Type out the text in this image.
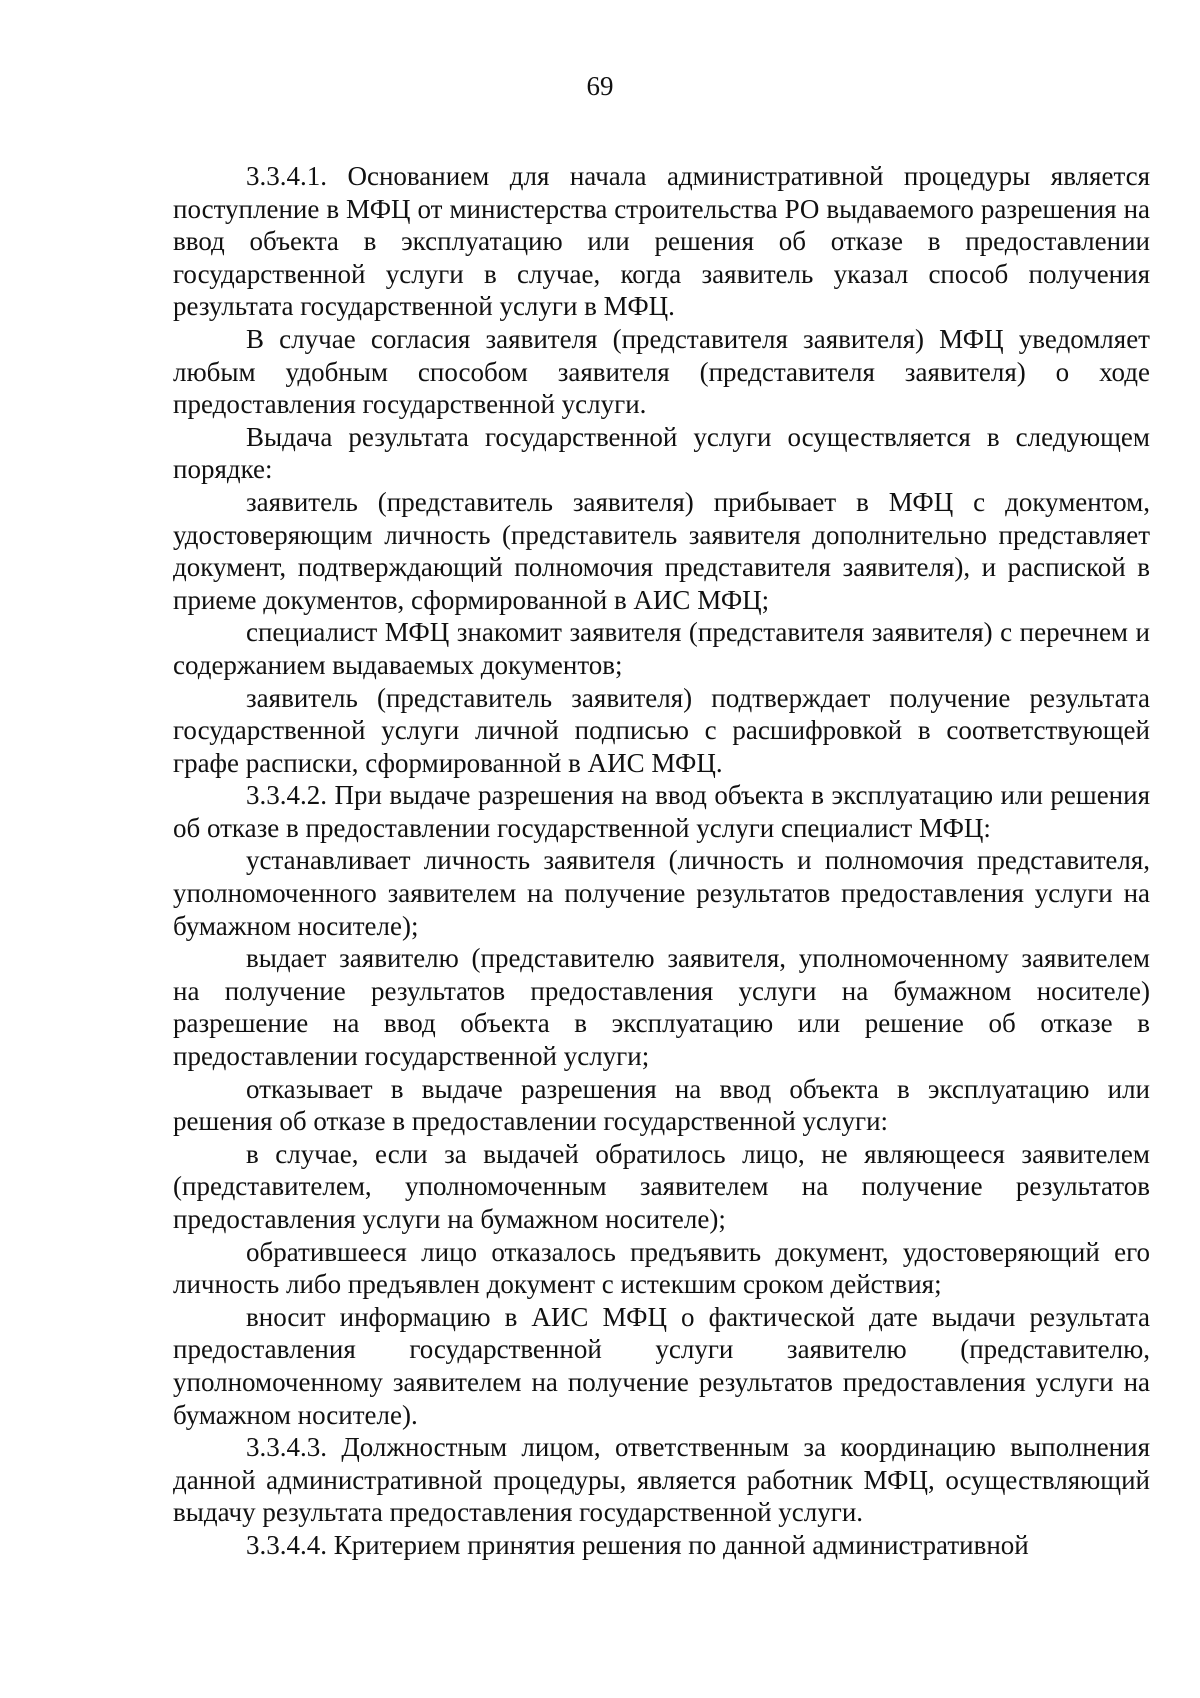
69

3.3.4.1. Основанием для начала административной процедуры является поступление в МФЦ от министерства строительства РО выдаваемого разрешения на ввод объекта в эксплуатацию или решения об отказе в предоставлении государственной услуги в случае, когда заявитель указал способ получения результата государственной услуги в МФЦ.

В случае согласия заявителя (представителя заявителя) МФЦ уведомляет любым удобным способом заявителя (представителя заявителя) о ходе предоставления государственной услуги.

Выдача результата государственной услуги осуществляется в следующем порядке:

заявитель (представитель заявителя) прибывает в МФЦ с документом, удостоверяющим личность (представитель заявителя дополнительно представляет документ, подтверждающий полномочия представителя заявителя), и распиской в приеме документов, сформированной в АИС МФЦ;

специалист МФЦ знакомит заявителя (представителя заявителя) с перечнем и содержанием выдаваемых документов;

заявитель (представитель заявителя) подтверждает получение результата государственной услуги личной подписью с расшифровкой в соответствующей графе расписки, сформированной в АИС МФЦ.

3.3.4.2. При выдаче разрешения на ввод объекта в эксплуатацию или решения об отказе в предоставлении государственной услуги специалист МФЦ:

устанавливает личность заявителя (личность и полномочия представителя, уполномоченного заявителем на получение результатов предоставления услуги на бумажном носителе);

выдает заявителю (представителю заявителя, уполномоченному заявителем на получение результатов предоставления услуги на бумажном носителе) разрешение на ввод объекта в эксплуатацию или решение об отказе в предоставлении государственной услуги;

отказывает в выдаче разрешения на ввод объекта в эксплуатацию или решения об отказе в предоставлении государственной услуги:

в случае, если за выдачей обратилось лицо, не являющееся заявителем (представителем, уполномоченным заявителем на получение результатов предоставления услуги на бумажном носителе);

обратившееся лицо отказалось предъявить документ, удостоверяющий его личность либо предъявлен документ с истекшим сроком действия;

вносит информацию в АИС МФЦ о фактической дате выдачи результата предоставления государственной услуги заявителю (представителю, уполномоченному заявителем на получение результатов предоставления услуги на бумажном носителе).

3.3.4.3. Должностным лицом, ответственным за координацию выполнения данной административной процедуры, является работник МФЦ, осуществляющий выдачу результата предоставления государственной услуги.

3.3.4.4. Критерием принятия решения по данной административной
